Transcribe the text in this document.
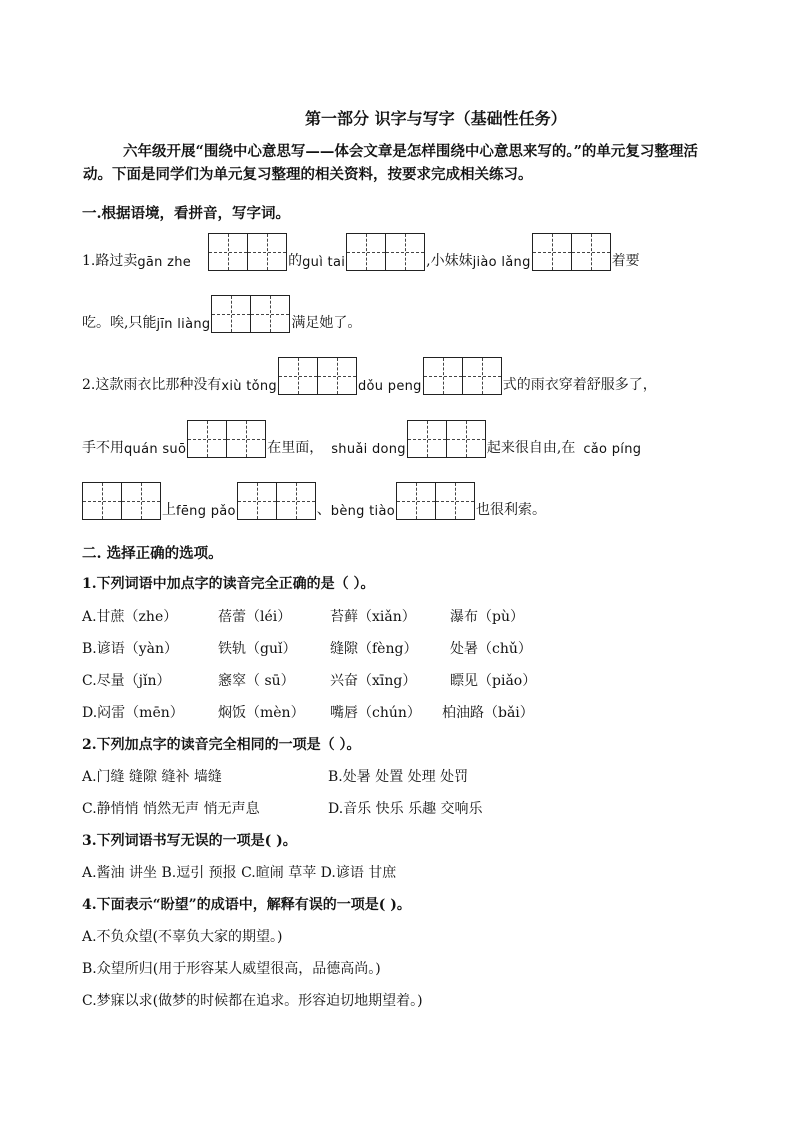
第一部分 识字与写字（基础性任务）
六年级开展“围绕中心意思写——体会文章是怎样围绕中心意思来写的。”的单元复习整理活动。下面是同学们为单元复习整理的相关资料，按要求完成相关练习。
一.根据语境，看拼音，写字词。
1.路过卖 gān zhe	的 guì tai	,小妹妹 jiào lǎng	着要
吃。唉,只能 jīn liàng	满足她了。
2.这款雨衣比那种没有 xiù tǒng	dǒu peng	式的雨衣穿着舒服多了，
手不用 quán suō	在里面， shuǎi dong	起来很自由,在 cǎo píng
上 fēng pǎo	、 bèng tiào	也很利索。
二. 选择正确的选项。
1.下列词语中加点字的读音完全正确的是（ ）。
A.甘蔗（zhe）	蓓蕾（léi）	苔藓（xiǎn） 瀑布（pù）
B.谚语（yàn）	铁轨（guǐ） 缝隙（fèng） 处暑（chǔ）
C.尽量（jǐn）	窸窣（ sū）	兴奋（xīng） 瞟见（piǎo）
D.闷雷（mēn） 焖饭（mèn） 嘴唇（chún） 柏油路（bǎi）
2.下列加点字的读音完全相同的一项是（ ）。
A.门缝 缝隙 缝补 墙缝	B.处暑 处置 处理 处罚
C.静悄悄 悄然无声 悄无声息	D.音乐 快乐 乐趣 交响乐
3.下列词语书写无误的一项是( )。
A.酱油 讲坐 B.逗引 预报 C.暄闹 草苹 D.谚语 甘庶
4.下面表示“盼望”的成语中，解释有误的一项是( )。
A.不负众望(不辜负大家的期望。)
B.众望所归(用于形容某人威望很高，品德高尚。)
C.梦寐以求(做梦的时候都在追求。形容迫切地期望着。)
